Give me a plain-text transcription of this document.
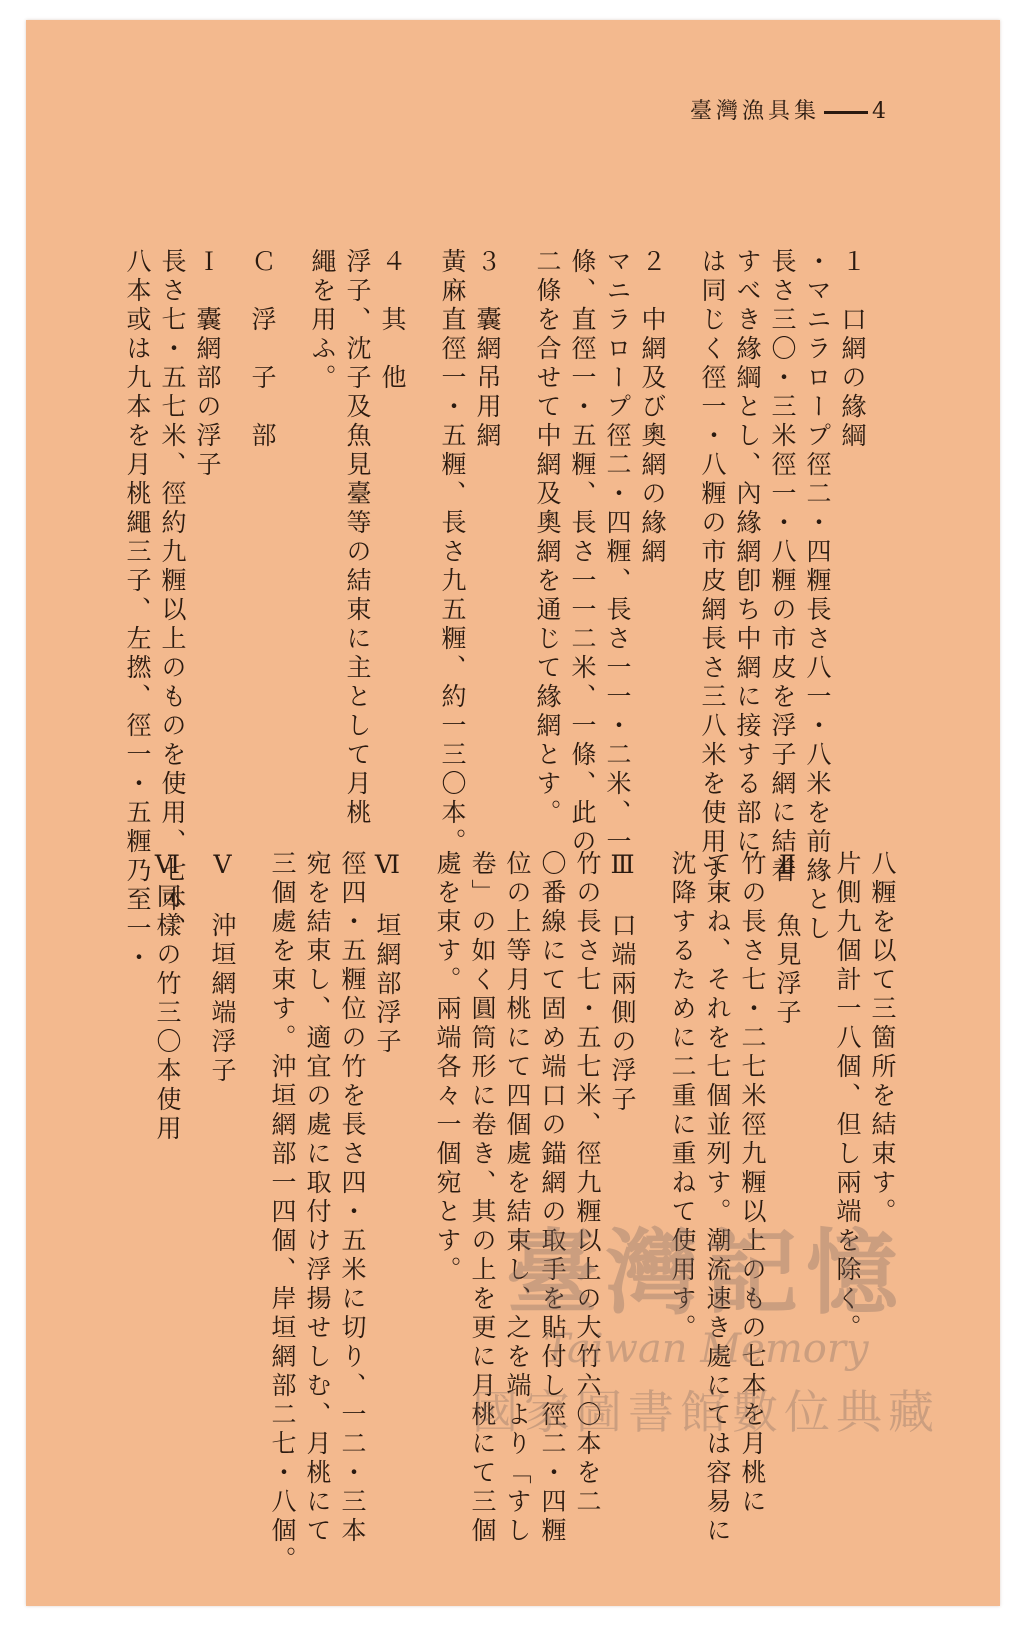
臺灣漁具集 4
１　口網の緣綱
・マニラロープ徑二・四糎長さ八一・八米を前緣とし
長さ三〇・三米徑一・八糎の市皮を浮子網に結着
すべき緣綱とし、內緣網卽ち中網に接する部に
は同じく徑一・八糎の市皮網長さ三八米を使用す。
２　中網及び奧網の緣網
マニラロープ徑二・四糎、長さ一一・二米、一
條、直徑一・五糎、長さ一一二米、一條、此の
二條を合せて中網及奧網を通じて緣網とす。
３　囊網吊用網
黃麻直徑一・五糎、長さ九五糎、約一三〇本。
４　其　他
浮子、沈子及魚見臺等の結束に主として月桃
繩を用ふ。
Ｃ　浮　子　部
Ｉ　囊網部の浮子
長さ七・五七米、徑約九糎以上のものを使用、七本、
八本或は九本を月桃繩三子、左撚、徑一・五糎乃至一・
八糎を以て三箇所を結束す。
片側九個計一八個、但し兩端を除く。
Ⅱ　魚見浮子
竹の長さ七・二七米徑九糎以上のもの七本を月桃に
て束ね、それを七個並列す。潮流速き處にては容易に
沈降するために二重に重ねて使用す。
Ⅲ　口端兩側の浮子
竹の長さ七・五七米、徑九糎以上の大竹六〇本を二
〇番線にて固め端口の錨網の取手を貼付し徑二・四糎
位の上等月桃にて四個處を結束し、之を端より「すし
卷」の如く圓筒形に卷き、其の上を更に月桃にて三個
處を束す。兩端各々一個宛とす。
Ⅵ　垣網部浮子
徑四・五糎位の竹を長さ四・五米に切り、一二・三本
宛を結束し、適宜の處に取付け浮揚せしむ、月桃にて
三個處を束す。沖垣網部一四個、岸垣網部二七・八個。
Ⅴ　沖垣網端浮子
Ⅵ同樣の竹三〇本使用
臺灣記憶
Taiwan Memory
國家圖書館數位典藏
